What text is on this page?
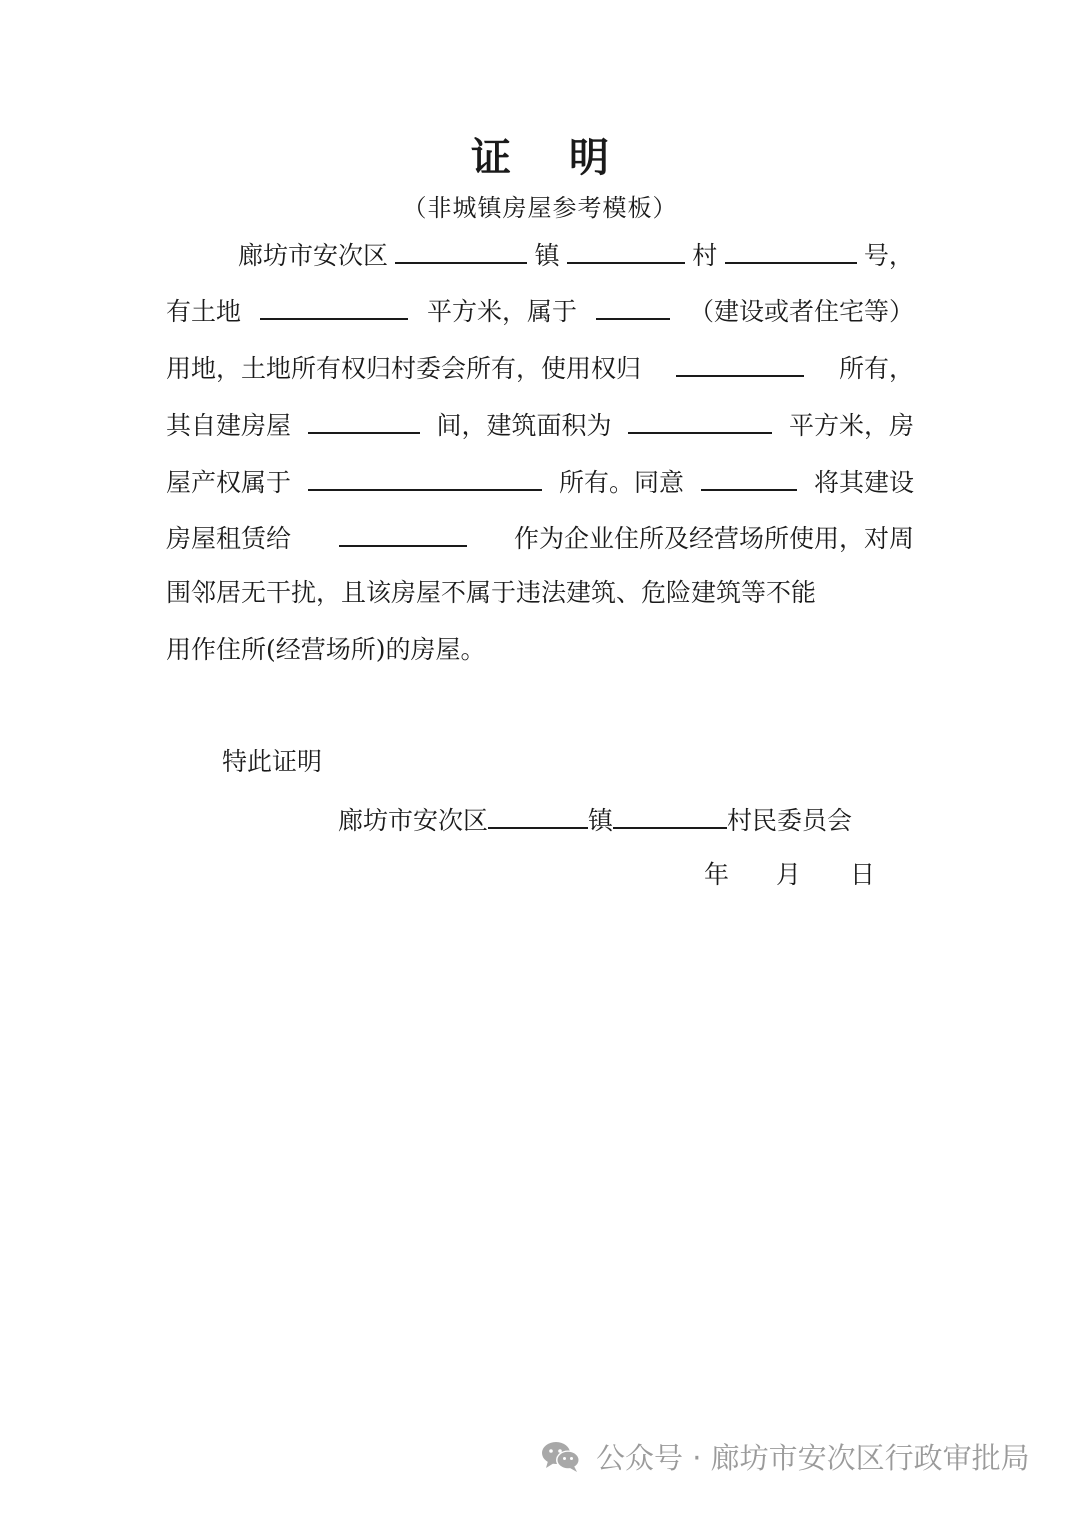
证明
（非城镇房屋参考模板）
廊坊市安次区	镇	村	号，
有土地	平方米，属于	（建设或者住宅等）
用地，土地所有权归村委会所有，使用权归	所有，
其自建房屋	间，建筑面积为	平方米，房
屋产权属于	所有。同意	将其建设
房屋租赁给	作为企业住所及经营场所使用，对周
围邻居无干扰，且该房屋不属于违法建筑、危险建筑等不能
用作住所(经营场所)的房屋。
特此证明
廊坊市安次区	镇	村民委员会
年 月 日
公众号 · 廊坊市安次区行政审批局
